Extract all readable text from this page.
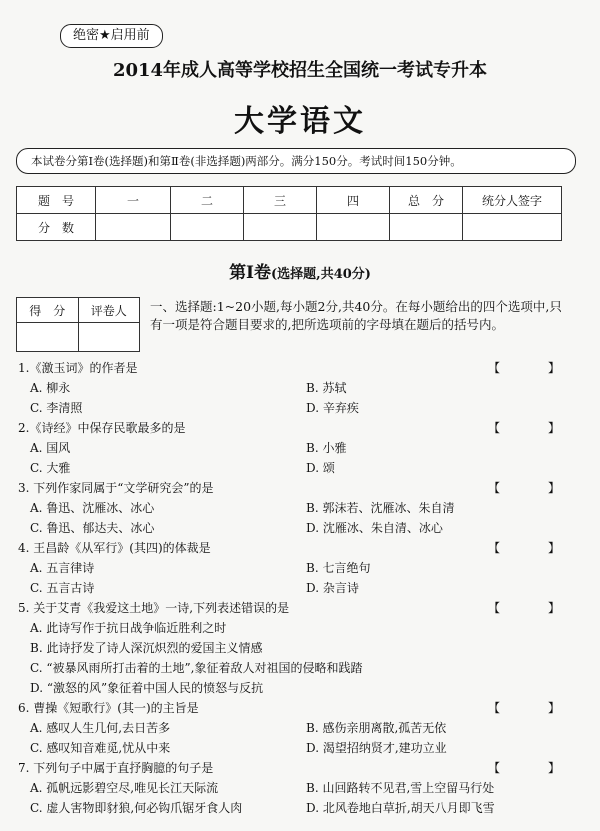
绝密★启用前
2014年成人高等学校招生全国统一考试专升本
大学语文
本试卷分第Ⅰ卷(选择题)和第Ⅱ卷(非选择题)两部分。满分150分。考试时间150分钟。
题　号	一	二	三	四	总　分	统分人签字
分　数						
第Ⅰ卷(选择题,共40分)
得　分	评卷人
	一、选择题:1~20小题,每小题2分,共40分。在每小题给出的四个选项中,只有一项是符合题目要求的,把所选项前的字母填在题后的括号内。
1.《激玉词》的作者是	【　】
A. 柳永	B. 苏轼
C. 李清照	D. 辛弃疾
2.《诗经》中保存民歌最多的是	【　】
A. 国风	B. 小雅
C. 大雅	D. 颂
3. 下列作家同属于“文学研究会”的是	【　】
A. 鲁迅、沈雁冰、冰心	B. 郭沫若、沈雁冰、朱自清
C. 鲁迅、郁达夫、冰心	D. 沈雁冰、朱自清、冰心
4. 王昌龄《从军行》(其四)的体裁是	【　】
A. 五言律诗	B. 七言绝句
C. 五言古诗	D. 杂言诗
5. 关于艾青《我爱这土地》一诗,下列表述错误的是	【　】
A. 此诗写作于抗日战争临近胜利之时
B. 此诗抒发了诗人深沉炽烈的爱国主义情感
C. “被暴风雨所打击着的土地”,象征着敌人对祖国的侵略和践踏
D. “激怒的风”象征着中国人民的愤怒与反抗
6. 曹操《短歌行》(其一)的主旨是	【　】
A. 感叹人生几何,去日苦多	B. 感伤亲朋离散,孤苦无依
C. 感叹知音难觅,忧从中来	D. 渴望招纳贤才,建功立业
7. 下列句子中属于直抒胸臆的句子是	【　】
A. 孤帆远影碧空尽,唯见长江天际流	B. 山回路转不见君,雪上空留马行处
C. 虚人害物即豺狼,何必钩爪锯牙食人肉	D. 北风卷地白草折,胡天八月即飞雪
